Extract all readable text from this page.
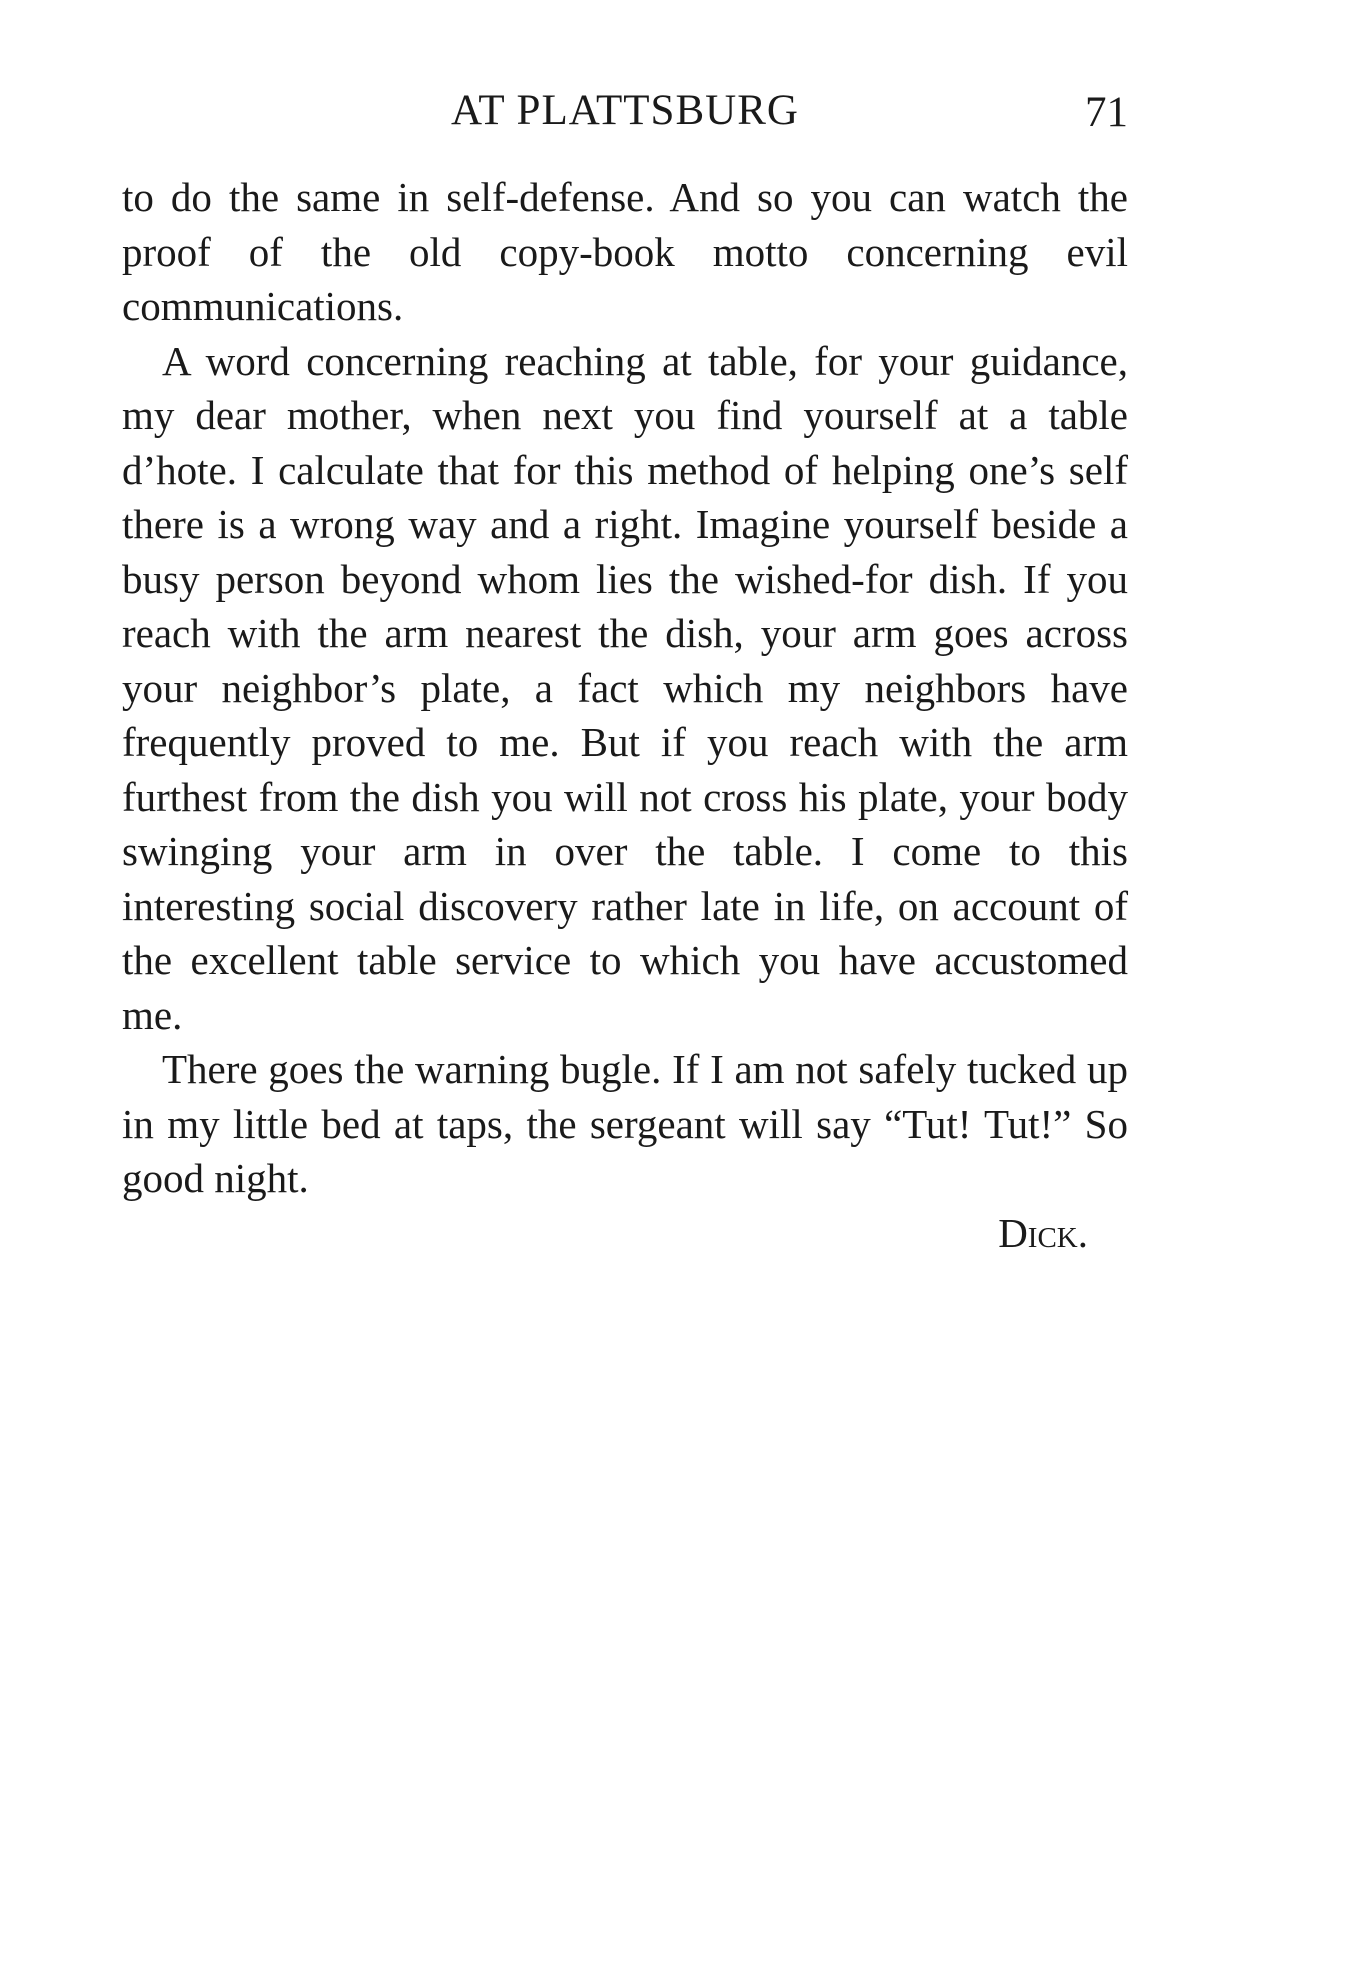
AT PLATTSBURG	71

to do the same in self-defense. And so you can watch the proof of the old copy-book motto concerning evil communications.

A word concerning reaching at table, for your guidance, my dear mother, when next you find yourself at a table d’hote. I calculate that for this method of helping one’s self there is a wrong way and a right. Imagine yourself beside a busy person beyond whom lies the wished-for dish. If you reach with the arm nearest the dish, your arm goes across your neighbor’s plate, a fact which my neighbors have frequently proved to me. But if you reach with the arm furthest from the dish you will not cross his plate, your body swinging your arm in over the table. I come to this interesting social discovery rather late in life, on account of the excellent table service to which you have accustomed me.

There goes the warning bugle. If I am not safely tucked up in my little bed at taps, the sergeant will say “Tut! Tut!” So good night.

Dick.
